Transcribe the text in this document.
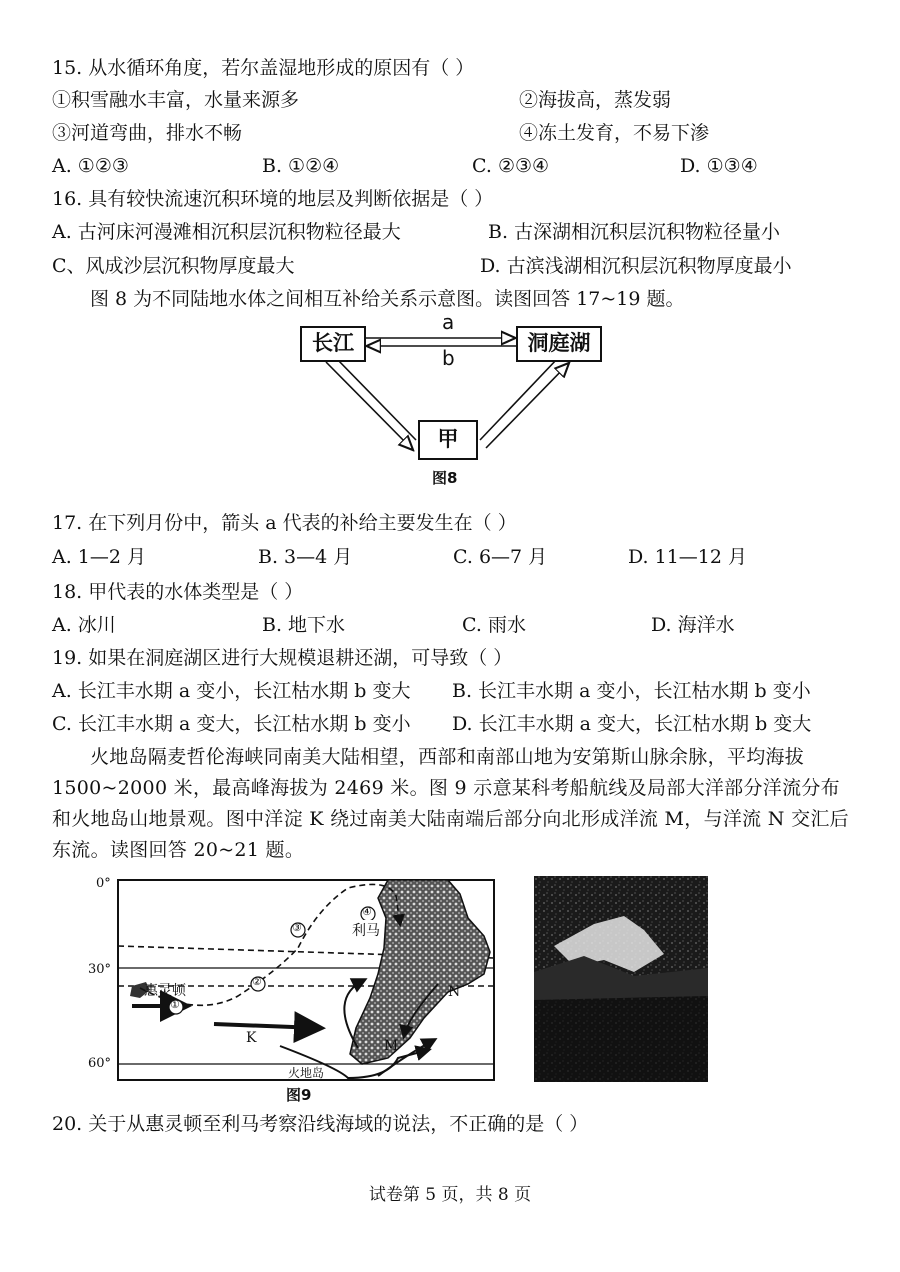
15. 从水循环角度，若尔盖湿地形成的原因有（ ）
①积雪融水丰富，水量来源多	②海拔高，蒸发弱
③河道弯曲，排水不畅	④冻土发育，不易下渗
A. ①②③	B. ①②④	C. ②③④	D. ①③④
16. 具有较快流速沉积环境的地层及判断依据是（ ）
A. 古河床河漫滩相沉积层沉积物粒径最大	B. 古深湖相沉积层沉积物粒径量小
C、风成沙层沉积物厚度最大	D. 古滨浅湖相沉积层沉积物厚度最小
图 8 为不同陆地水体之间相互补给关系示意图。读图回答 17~19 题。
长江	洞庭湖
甲
a
b
图8
17. 在下列月份中，箭头 a 代表的补给主要发生在（ ）
A. 1—2 月	B. 3—4 月	C. 6—7 月	D. 11—12 月
18. 甲代表的水体类型是（ ）
A. 冰川	B. 地下水	C. 雨水	D. 海洋水
19. 如果在洞庭湖区进行大规模退耕还湖，可导致（ ）
A. 长江丰水期 a 变小，长江枯水期 b 变大 B. 长江丰水期 a 变小，长江枯水期 b 变小
C. 长江丰水期 a 变大，长江枯水期 b 变小 D. 长江丰水期 a 变大，长江枯水期 b 变大
火地岛隔麦哲伦海峡同南美大陆相望，西部和南部山地为安第斯山脉余脉，平均海拔 1500~2000 米，最高峰海拔为 2469 米。图 9 示意某科考船航线及局部大洋部分洋流分布和火地岛山地景观。图中洋淀 K 绕过南美大陆南端后部分向北形成洋流 M，与洋流 N 交汇后东流。读图回答 20~21 题。
0°
30°
60°
惠灵顿
利马
K	M
N
火地岛
①
②
③
④
图9
20. 关于从惠灵顿至利马考察沿线海域的说法，不正确的是（ ）
试卷第 5 页，共 8 页
